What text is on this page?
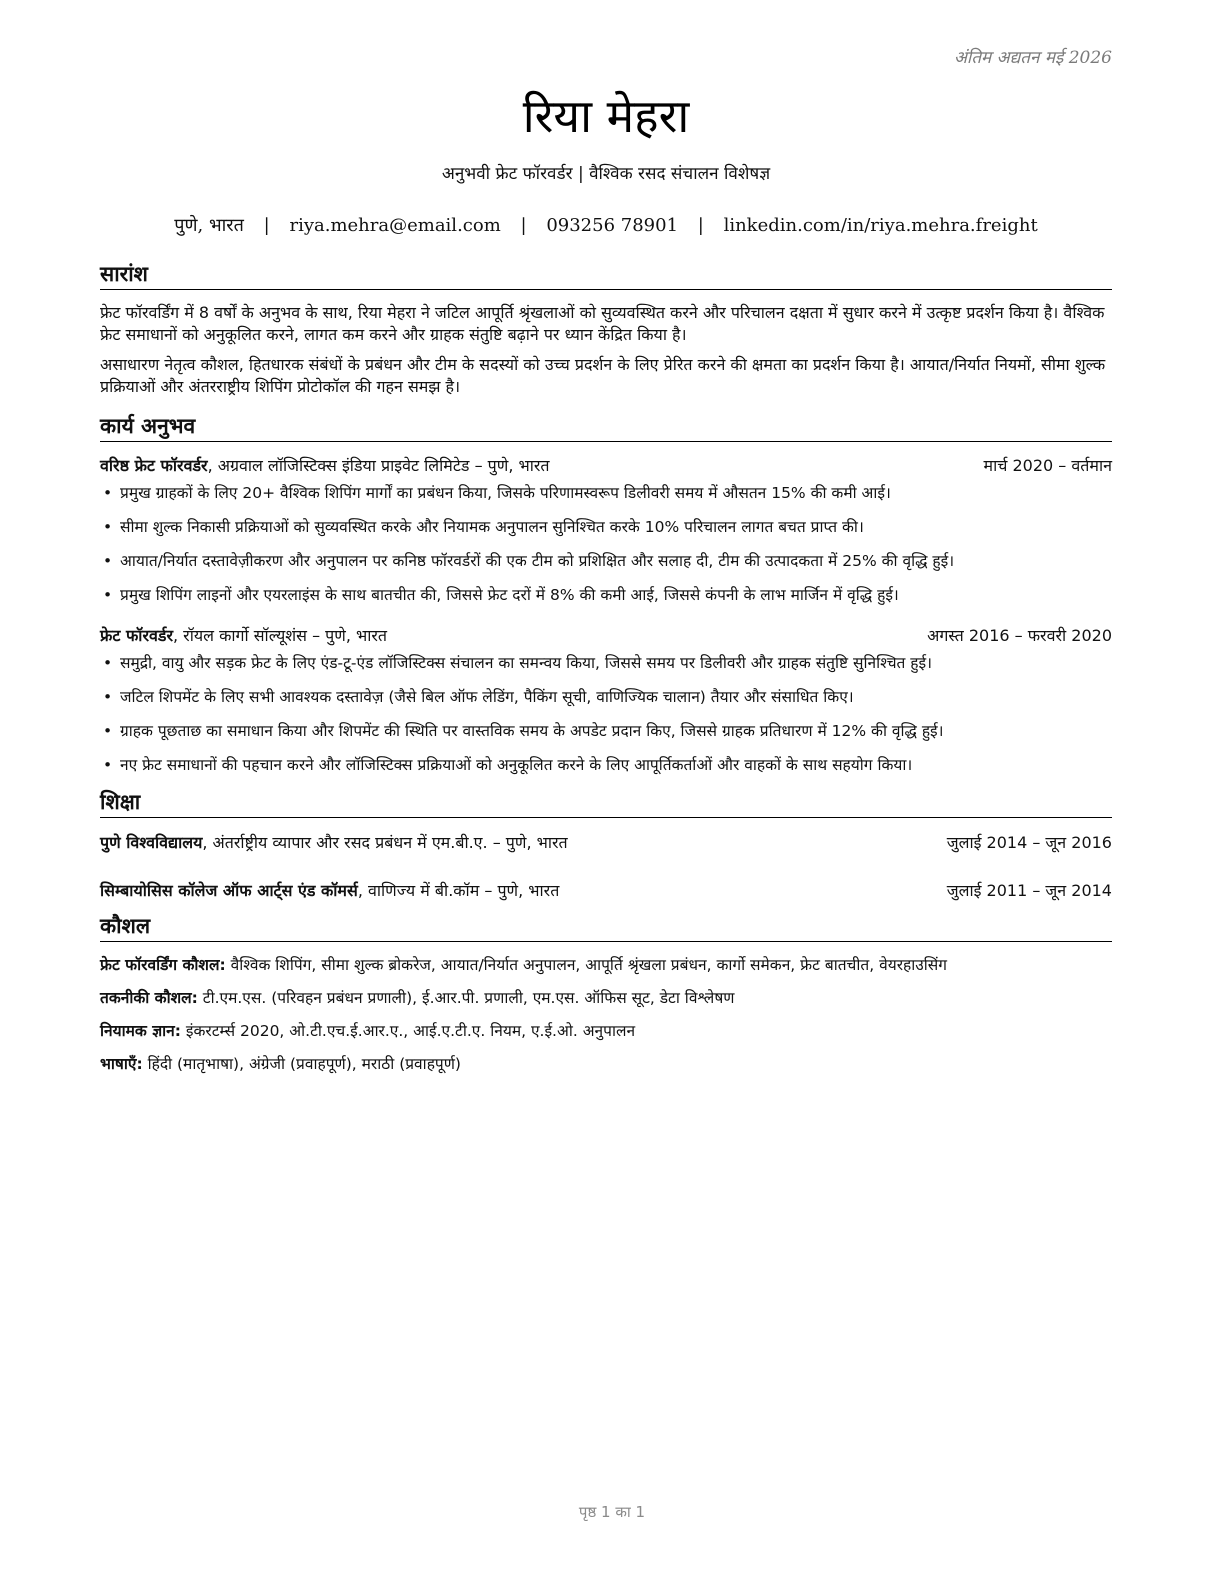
अंतिम अद्यतन मई 2026
रिया मेहरा
अनुभवी फ्रेट फॉरवर्डर | वैश्विक रसद संचालन विशेषज्ञ
पुणे, भारत | riya.mehra@email.com | 093256 78901 | linkedin.com/in/riya.mehra.freight
सारांश

फ्रेट फॉरवर्डिंग में 8 वर्षों के अनुभव के साथ, रिया मेहरा ने जटिल आपूर्ति श्रृंखलाओं को सुव्यवस्थित करने और परिचालन दक्षता में सुधार करने में उत्कृष्ट प्रदर्शन किया है। वैश्विक फ्रेट समाधानों को अनुकूलित करने, लागत कम करने और ग्राहक संतुष्टि बढ़ाने पर ध्यान केंद्रित किया है।

असाधारण नेतृत्व कौशल, हितधारक संबंधों के प्रबंधन और टीम के सदस्यों को उच्च प्रदर्शन के लिए प्रेरित करने की क्षमता का प्रदर्शन किया है। आयात/निर्यात नियमों, सीमा शुल्क प्रक्रियाओं और अंतरराष्ट्रीय शिपिंग प्रोटोकॉल की गहन समझ है।

कार्य अनुभव
वरिष्ठ फ्रेट फॉरवर्डर, अग्रवाल लॉजिस्टिक्स इंडिया प्राइवेट लिमिटेड – पुणे, भारत	मार्च 2020 – वर्तमान
• प्रमुख ग्राहकों के लिए 20+ वैश्विक शिपिंग मार्गों का प्रबंधन किया, जिसके परिणामस्वरूप डिलीवरी समय में औसतन 15% की कमी आई।
• सीमा शुल्क निकासी प्रक्रियाओं को सुव्यवस्थित करके और नियामक अनुपालन सुनिश्चित करके 10% परिचालन लागत बचत प्राप्त की।
• आयात/निर्यात दस्तावेज़ीकरण और अनुपालन पर कनिष्ठ फॉरवर्डरों की एक टीम को प्रशिक्षित और सलाह दी, टीम की उत्पादकता में 25% की वृद्धि हुई।
• प्रमुख शिपिंग लाइनों और एयरलाइंस के साथ बातचीत की, जिससे फ्रेट दरों में 8% की कमी आई, जिससे कंपनी के लाभ मार्जिन में वृद्धि हुई।
फ्रेट फॉरवर्डर, रॉयल कार्गो सॉल्यूशंस – पुणे, भारत	अगस्त 2016 – फरवरी 2020
• समुद्री, वायु और सड़क फ्रेट के लिए एंड-टू-एंड लॉजिस्टिक्स संचालन का समन्वय किया, जिससे समय पर डिलीवरी और ग्राहक संतुष्टि सुनिश्चित हुई।
• जटिल शिपमेंट के लिए सभी आवश्यक दस्तावेज़ (जैसे बिल ऑफ लेडिंग, पैकिंग सूची, वाणिज्यिक चालान) तैयार और संसाधित किए।
• ग्राहक पूछताछ का समाधान किया और शिपमेंट की स्थिति पर वास्तविक समय के अपडेट प्रदान किए, जिससे ग्राहक प्रतिधारण में 12% की वृद्धि हुई।
• नए फ्रेट समाधानों की पहचान करने और लॉजिस्टिक्स प्रक्रियाओं को अनुकूलित करने के लिए आपूर्तिकर्ताओं और वाहकों के साथ सहयोग किया।
शिक्षा
पुणे विश्वविद्यालय, अंतर्राष्ट्रीय व्यापार और रसद प्रबंधन में एम.बी.ए. – पुणे, भारत	जुलाई 2014 – जून 2016
सिम्बायोसिस कॉलेज ऑफ आर्ट्स एंड कॉमर्स, वाणिज्य में बी.कॉम – पुणे, भारत	जुलाई 2011 – जून 2014
कौशल
फ्रेट फॉरवर्डिंग कौशल: वैश्विक शिपिंग, सीमा शुल्क ब्रोकरेज, आयात/निर्यात अनुपालन, आपूर्ति श्रृंखला प्रबंधन, कार्गो समेकन, फ्रेट बातचीत, वेयरहाउसिंग
तकनीकी कौशल: टी.एम.एस. (परिवहन प्रबंधन प्रणाली), ई.आर.पी. प्रणाली, एम.एस. ऑफिस सूट, डेटा विश्लेषण
नियामक ज्ञान: इंकरटर्म्स 2020, ओ.टी.एच.ई.आर.ए., आई.ए.टी.ए. नियम, ए.ई.ओ. अनुपालन
भाषाएँ: हिंदी (मातृभाषा), अंग्रेजी (प्रवाहपूर्ण), मराठी (प्रवाहपूर्ण)
पृष्ठ 1 का 1
